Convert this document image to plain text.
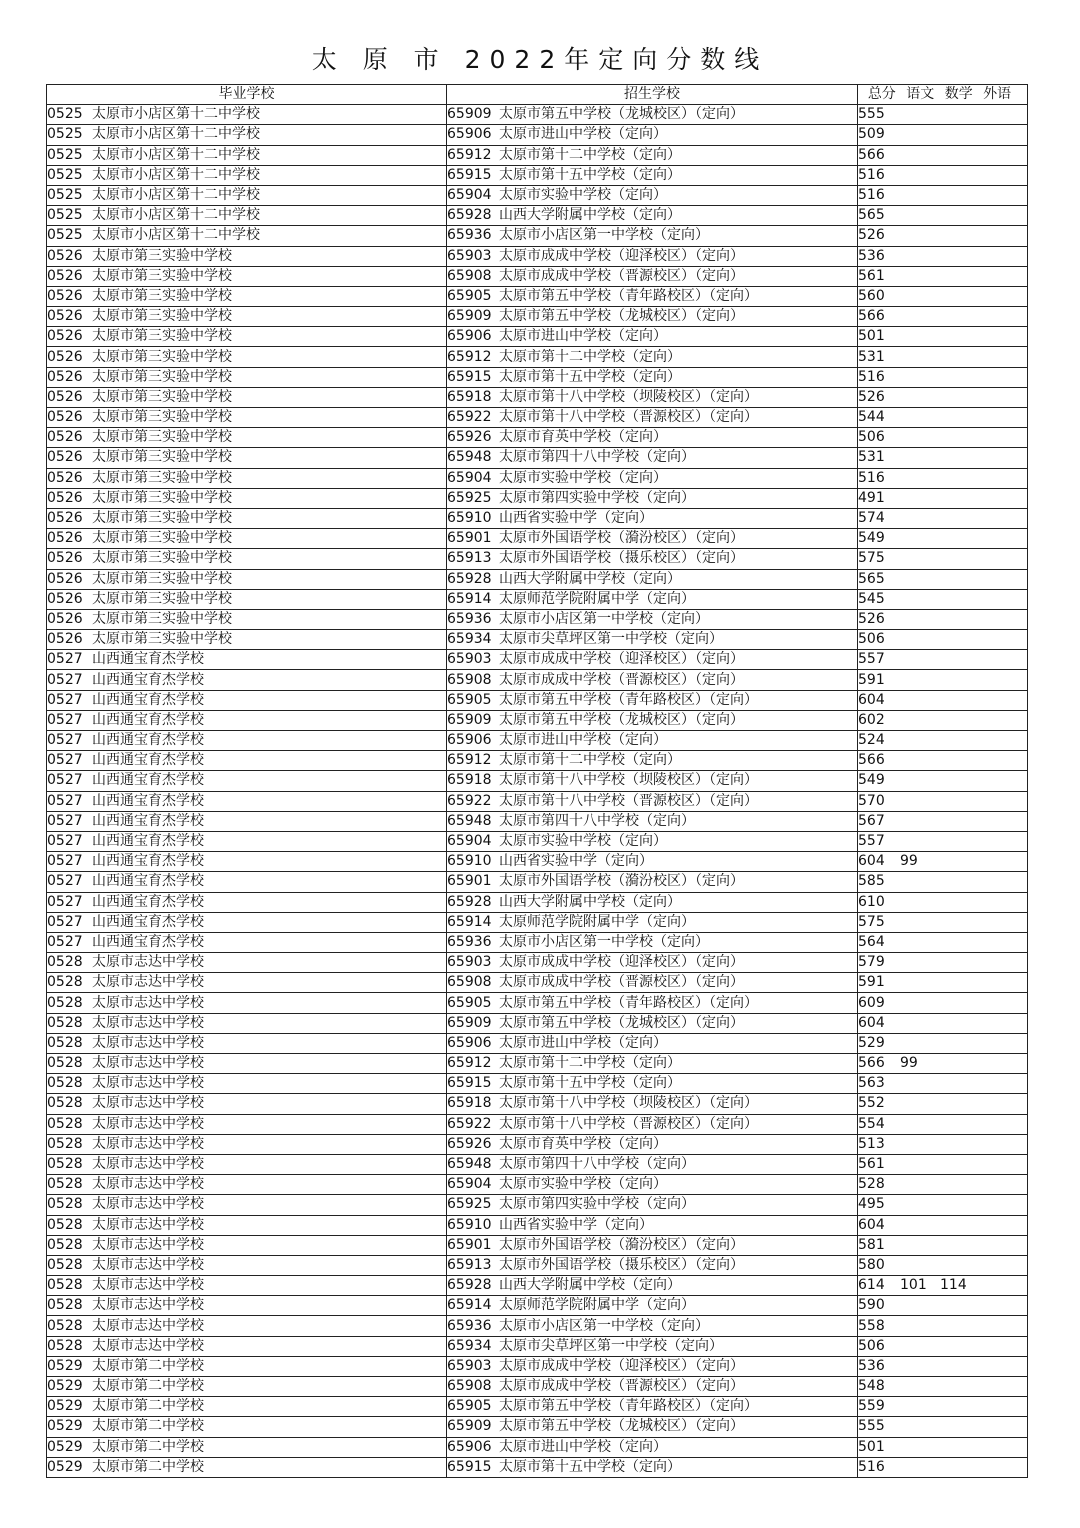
太 原 市 2022年定向分数线
毕业学校	招生学校	总分 语文 数学 外语
0525 太原市小店区第十二中学校	65909 太原市第五中学校（龙城校区）（定向）	555
0525 太原市小店区第十二中学校	65906 太原市进山中学校（定向）	509
0525 太原市小店区第十二中学校	65912 太原市第十二中学校（定向）	566
0525 太原市小店区第十二中学校	65915 太原市第十五中学校（定向）	516
0525 太原市小店区第十二中学校	65904 太原市实验中学校（定向）	516
0525 太原市小店区第十二中学校	65928 山西大学附属中学校（定向）	565
0525 太原市小店区第十二中学校	65936 太原市小店区第一中学校（定向）	526
0526 太原市第三实验中学校	65903 太原市成成中学校（迎泽校区）（定向）	536
0526 太原市第三实验中学校	65908 太原市成成中学校（晋源校区）（定向）	561
0526 太原市第三实验中学校	65905 太原市第五中学校（青年路校区）（定向）	560
0526 太原市第三实验中学校	65909 太原市第五中学校（龙城校区）（定向）	566
0526 太原市第三实验中学校	65906 太原市进山中学校（定向）	501
0526 太原市第三实验中学校	65912 太原市第十二中学校（定向）	531
0526 太原市第三实验中学校	65915 太原市第十五中学校（定向）	516
0526 太原市第三实验中学校	65918 太原市第十八中学校（坝陵校区）（定向）	526
0526 太原市第三实验中学校	65922 太原市第十八中学校（晋源校区）（定向）	544
0526 太原市第三实验中学校	65926 太原市育英中学校（定向）	506
0526 太原市第三实验中学校	65948 太原市第四十八中学校（定向）	531
0526 太原市第三实验中学校	65904 太原市实验中学校（定向）	516
0526 太原市第三实验中学校	65925 太原市第四实验中学校（定向）	491
0526 太原市第三实验中学校	65910 山西省实验中学（定向）	574
0526 太原市第三实验中学校	65901 太原市外国语学校（漪汾校区）（定向）	549
0526 太原市第三实验中学校	65913 太原市外国语学校（摄乐校区）（定向）	575
0526 太原市第三实验中学校	65928 山西大学附属中学校（定向）	565
0526 太原市第三实验中学校	65914 太原师范学院附属中学（定向）	545
0526 太原市第三实验中学校	65936 太原市小店区第一中学校（定向）	526
0526 太原市第三实验中学校	65934 太原市尖草坪区第一中学校（定向）	506
0527 山西通宝育杰学校	65903 太原市成成中学校（迎泽校区）（定向）	557
0527 山西通宝育杰学校	65908 太原市成成中学校（晋源校区）（定向）	591
0527 山西通宝育杰学校	65905 太原市第五中学校（青年路校区）（定向）	604
0527 山西通宝育杰学校	65909 太原市第五中学校（龙城校区）（定向）	602
0527 山西通宝育杰学校	65906 太原市进山中学校（定向）	524
0527 山西通宝育杰学校	65912 太原市第十二中学校（定向）	566
0527 山西通宝育杰学校	65918 太原市第十八中学校（坝陵校区）（定向）	549
0527 山西通宝育杰学校	65922 太原市第十八中学校（晋源校区）（定向）	570
0527 山西通宝育杰学校	65948 太原市第四十八中学校（定向）	567
0527 山西通宝育杰学校	65904 太原市实验中学校（定向）	557
0527 山西通宝育杰学校	65910 山西省实验中学（定向）	604 99
0527 山西通宝育杰学校	65901 太原市外国语学校（漪汾校区）（定向）	585
0527 山西通宝育杰学校	65928 山西大学附属中学校（定向）	610
0527 山西通宝育杰学校	65914 太原师范学院附属中学（定向）	575
0527 山西通宝育杰学校	65936 太原市小店区第一中学校（定向）	564
0528 太原市志达中学校	65903 太原市成成中学校（迎泽校区）（定向）	579
0528 太原市志达中学校	65908 太原市成成中学校（晋源校区）（定向）	591
0528 太原市志达中学校	65905 太原市第五中学校（青年路校区）（定向）	609
0528 太原市志达中学校	65909 太原市第五中学校（龙城校区）（定向）	604
0528 太原市志达中学校	65906 太原市进山中学校（定向）	529
0528 太原市志达中学校	65912 太原市第十二中学校（定向）	566 99
0528 太原市志达中学校	65915 太原市第十五中学校（定向）	563
0528 太原市志达中学校	65918 太原市第十八中学校（坝陵校区）（定向）	552
0528 太原市志达中学校	65922 太原市第十八中学校（晋源校区）（定向）	554
0528 太原市志达中学校	65926 太原市育英中学校（定向）	513
0528 太原市志达中学校	65948 太原市第四十八中学校（定向）	561
0528 太原市志达中学校	65904 太原市实验中学校（定向）	528
0528 太原市志达中学校	65925 太原市第四实验中学校（定向）	495
0528 太原市志达中学校	65910 山西省实验中学（定向）	604
0528 太原市志达中学校	65901 太原市外国语学校（漪汾校区）（定向）	581
0528 太原市志达中学校	65913 太原市外国语学校（摄乐校区）（定向）	580
0528 太原市志达中学校	65928 山西大学附属中学校（定向）	614 101 114
0528 太原市志达中学校	65914 太原师范学院附属中学（定向）	590
0528 太原市志达中学校	65936 太原市小店区第一中学校（定向）	558
0528 太原市志达中学校	65934 太原市尖草坪区第一中学校（定向）	506
0529 太原市第二中学校	65903 太原市成成中学校（迎泽校区）（定向）	536
0529 太原市第二中学校	65908 太原市成成中学校（晋源校区）（定向）	548
0529 太原市第二中学校	65905 太原市第五中学校（青年路校区）（定向）	559
0529 太原市第二中学校	65909 太原市第五中学校（龙城校区）（定向）	555
0529 太原市第二中学校	65906 太原市进山中学校（定向）	501
0529 太原市第二中学校	65915 太原市第十五中学校（定向）	516
